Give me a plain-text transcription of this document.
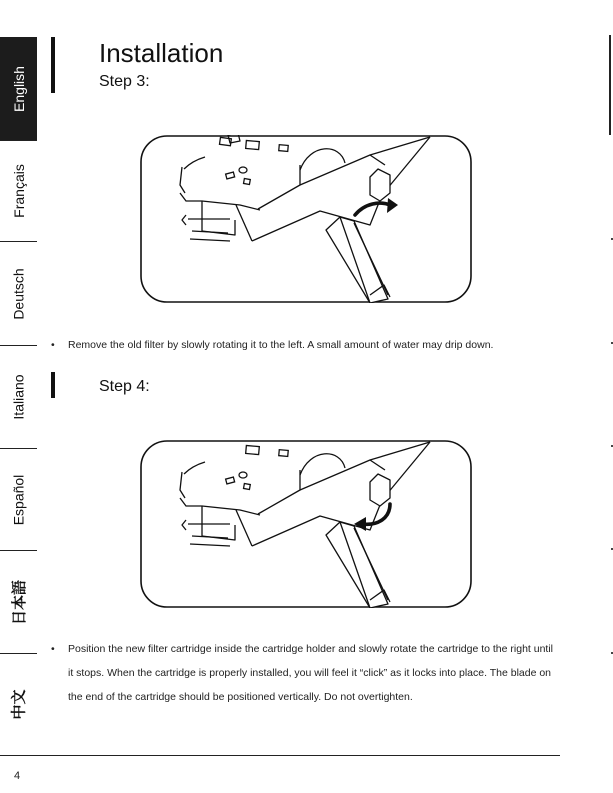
English
Français
Deutsch
Italiano
Español
日本語
中文
Installation
Step 3:
•	Remove the old filter by slowly rotating it to the left. A small amount of water may drip down.
Step 4:
•	Position the new filter cartridge inside the cartridge holder and slowly rotate the cartridge to the right until it stops. When the cartridge is properly installed, you will feel it “click” as it locks into place. The blade on the end of the cartridge should be positioned vertically. Do not overtighten.
4
